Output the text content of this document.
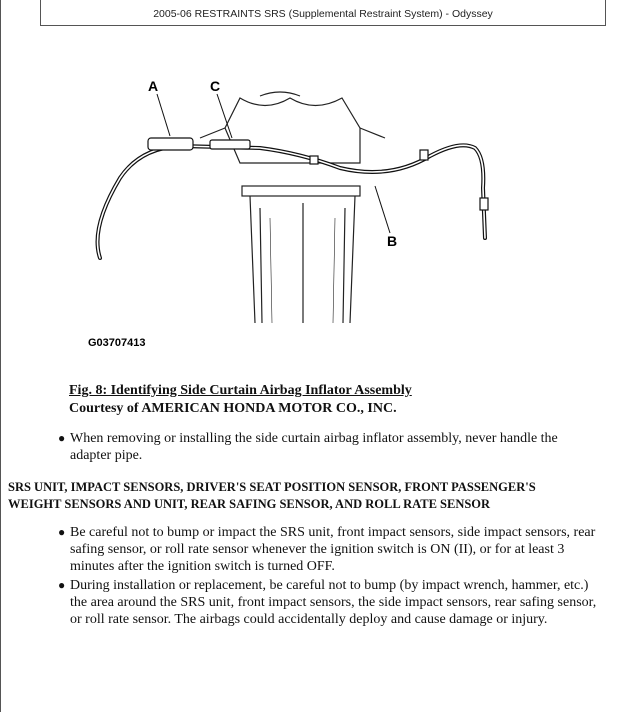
2005-06 RESTRAINTS SRS (Supplemental Restraint System) - Odyssey
A	C
B
G03707413
Fig. 8: Identifying Side Curtain Airbag Inflator Assembly
Courtesy of AMERICAN HONDA MOTOR CO., INC.
● When removing or installing the side curtain airbag inflator assembly, never handle the adapter pipe.
SRS UNIT, IMPACT SENSORS, DRIVER'S SEAT POSITION SENSOR, FRONT PASSENGER'S WEIGHT SENSORS AND UNIT, REAR SAFING SENSOR, AND ROLL RATE SENSOR
● Be careful not to bump or impact the SRS unit, front impact sensors, side impact sensors, rear safing sensor, or roll rate sensor whenever the ignition switch is ON (II), or for at least 3 minutes after the ignition switch is turned OFF.
● During installation or replacement, be careful not to bump (by impact wrench, hammer, etc.) the area around the SRS unit, front impact sensors, the side impact sensors, rear safing sensor, or roll rate sensor. The airbags could accidentally deploy and cause damage or injury.
